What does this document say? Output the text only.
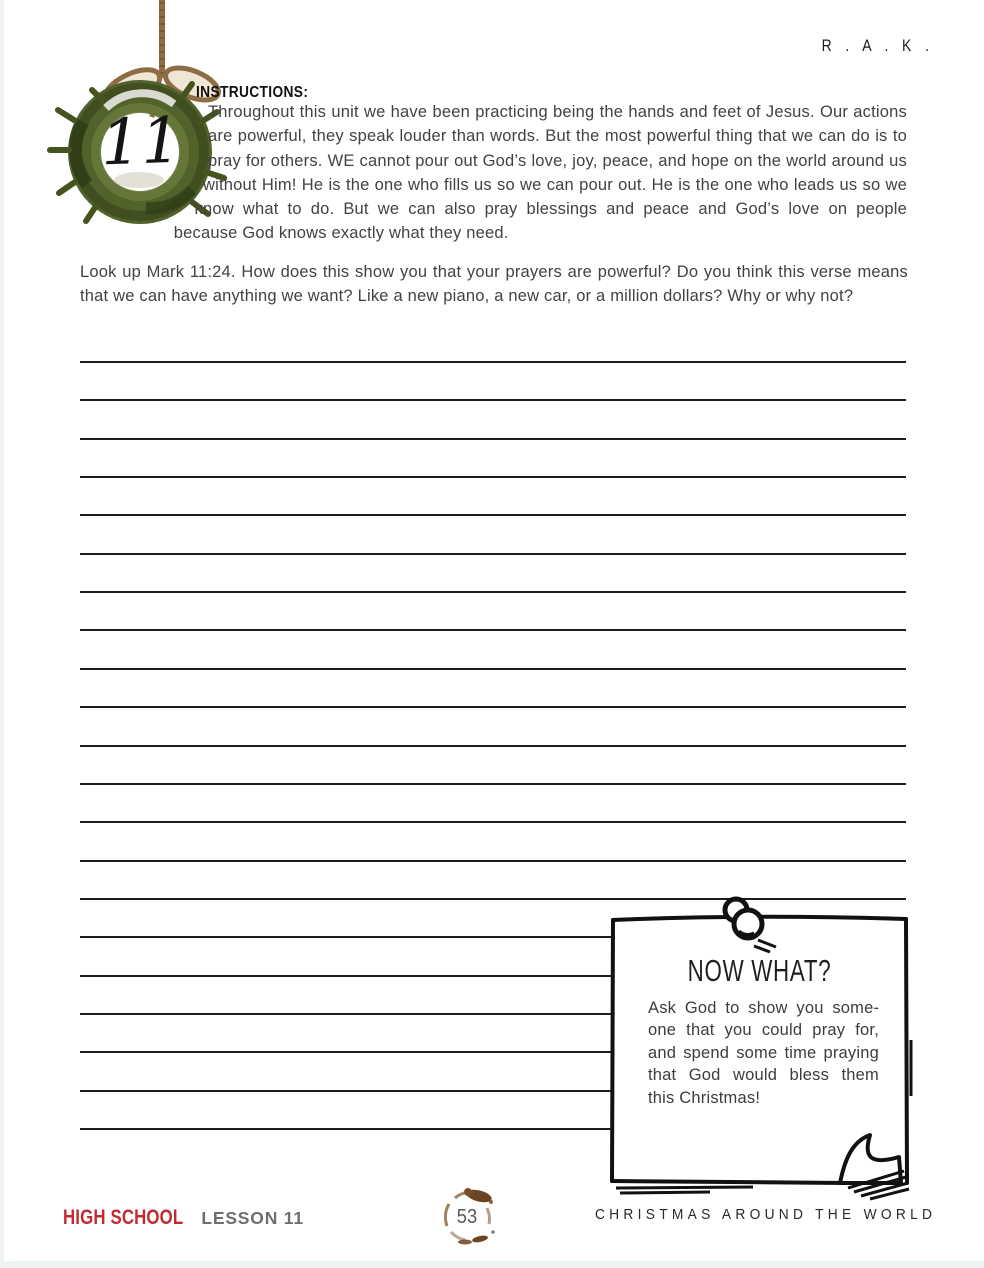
R . A . K .
11
INSTRUCTIONS:
Throughout this unit we have been practicing being the hands and feet of Jesus. Our actions are powerful, they speak louder than words. But the most powerful thing that we can do is to pray for others. WE cannot pour out God’s love, joy, peace, and hope on the world around us without Him! He is the one who fills us so we can pour out. He is the one who leads us so we know what to do. But we can also pray blessings and peace and God’s love on people because God knows exactly what they need.
Look up Mark 11:24. How does this show you that your prayers are powerful? Do you think this verse means that we can have anything we want? Like a new piano, a new car, or a million dollars? Why or why not?
NOW WHAT?
Ask God to show you someone that you could pray for, and spend some time praying that God would bless them this Christmas!
HIGH SCHOOL LESSON 11	53	CHRISTMAS AROUND THE WORLD
